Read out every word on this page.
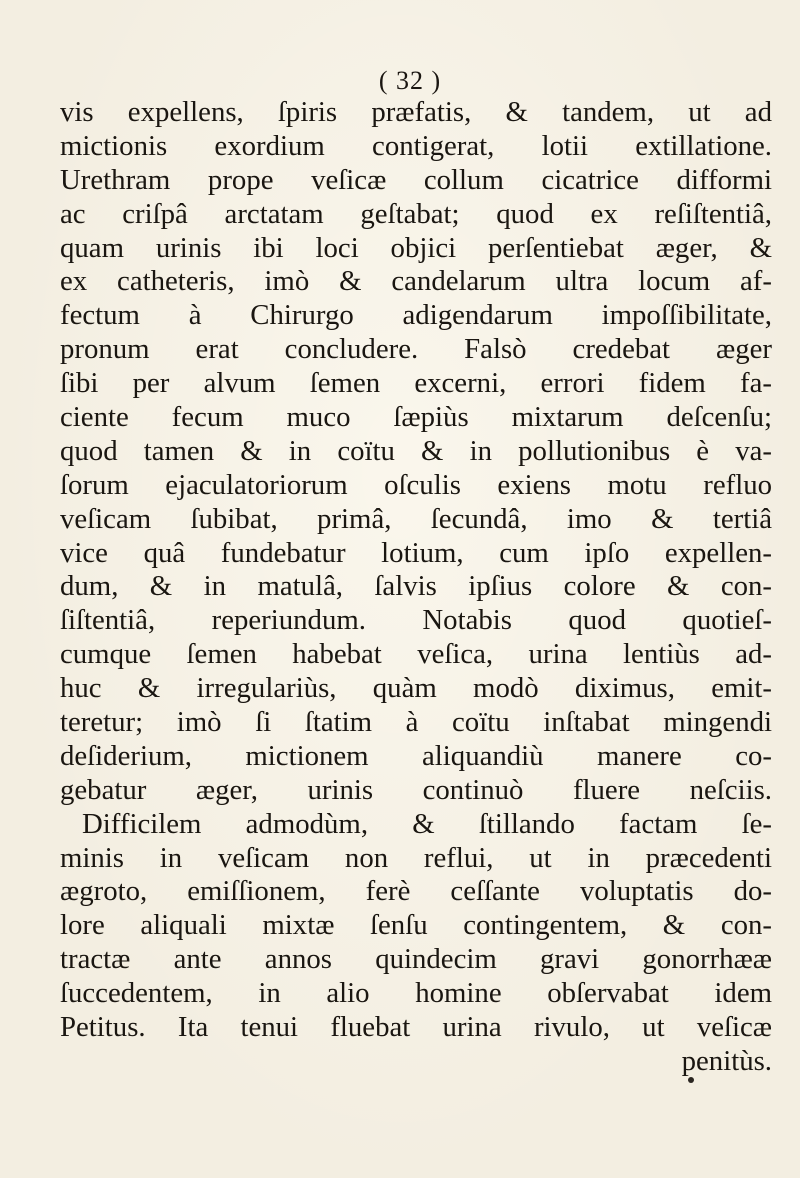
( 32 )
vis expellens, ſpiris præfatis, & tandem, ut ad
mictionis exordium contigerat, lotii extillatione.
Urethram prope veſicæ collum cicatrice difformi
ac criſpâ arctatam geſtabat; quod ex reſiſtentiâ,
quam urinis ibi loci objici perſentiebat æger, &
ex catheteris, imò & candelarum ultra locum af-
fectum à Chirurgo adigendarum impoſſibilitate,
pronum erat concludere. Falsò credebat æger
ſibi per alvum ſemen excerni, errori fidem fa-
ciente fecum muco ſæpiùs mixtarum deſcenſu;
quod tamen & in coïtu & in pollutionibus è va-
ſorum ejaculatoriorum oſculis exiens motu refluo
veſicam ſubibat, primâ, ſecundâ, imo & tertiâ
vice quâ fundebatur lotium, cum ipſo expellen-
dum, & in matulâ, ſalvis ipſius colore & con-
ſiſtentiâ, reperiundum. Notabis quod quotieſ-
cumque ſemen habebat veſica, urina lentiùs ad-
huc & irregulariùs, quàm modò diximus, emit-
teretur; imò ſi ſtatim à coïtu inſtabat mingendi
deſiderium, mictionem aliquandiù manere co-
gebatur æger, urinis continuò fluere neſciis.
Difficilem admodùm, & ſtillando factam ſe-
minis in veſicam non reflui, ut in præcedenti
ægroto, emiſſionem, ferè ceſſante voluptatis do-
lore aliquali mixtæ ſenſu contingentem, & con-
tractæ ante annos quindecim gravi gonorrhææ
ſuccedentem, in alio homine obſervabat idem
Petitus. Ita tenui fluebat urina rivulo, ut veſicæ
penitùs.
